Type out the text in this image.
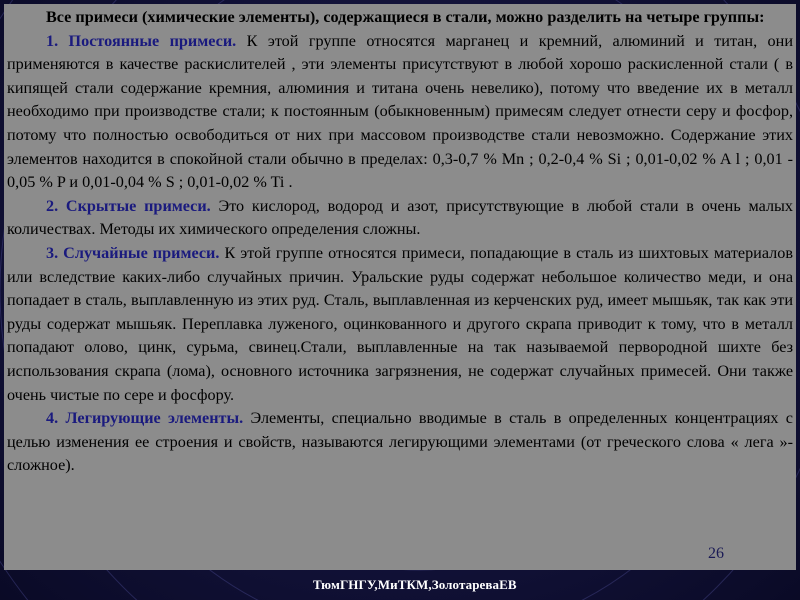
Все примеси (химические элементы), содержащиеся в стали, можно разделить на четыре группы:

1. Постоянные примеси. К этой группе относятся марганец и кремний, алюминий и титан, они применяются в качестве раскислителей , эти элементы присутствуют в любой хорошо раскисленной стали ( в кипящей стали содержание кремния, алюминия и титана очень невелико), потому что введение их в металл необходимо при производстве стали; к постоянным (обыкновенным) примесям следует отнести серу и фосфор, потому что полностью освободиться от них при массовом производстве стали невозможно. Содержание этих элементов находится в спокойной стали обычно в пределах: 0,3-0,7 % Mn ; 0,2-0,4 % Si ; 0,01-0,02 % A l ; 0,01 - 0,05 % P и 0,01-0,04 % S ; 0,01-0,02 % Ti .

2. Скрытые примеси. Это кислород, водород и азот, присутствующие в любой стали в очень малых количествах. Методы их химического определения сложны.

3. Случайные примеси. К этой группе относятся примеси, попадающие в сталь из шихтовых материалов или вследствие каких-либо случайных причин. Уральские руды содержат небольшое количество меди, и она попадает в сталь, выплавленную из этих руд. Сталь, выплавленная из керченских руд, имеет мышьяк, так как эти руды содержат мышьяк. Переплавка луженого, оцинкованного и другого скрапа приводит к тому, что в металл попадают олово, цинк, сурьма, свинец.Стали, выплавленные на так называемой первородной шихте без использования скрапа (лома), основного источника загрязнения, не содержат случайных примесей. Они также очень чистые по сере и фосфору.

4. Легирующие элементы. Элементы, специально вводимые в сталь в определенных концентрациях с целью изменения ее строения и свойств, называются легирующими элементами (от греческого слова « лега »- сложное).

26
ТюмГНГУ,МиТКМ,ЗолотареваЕВ
